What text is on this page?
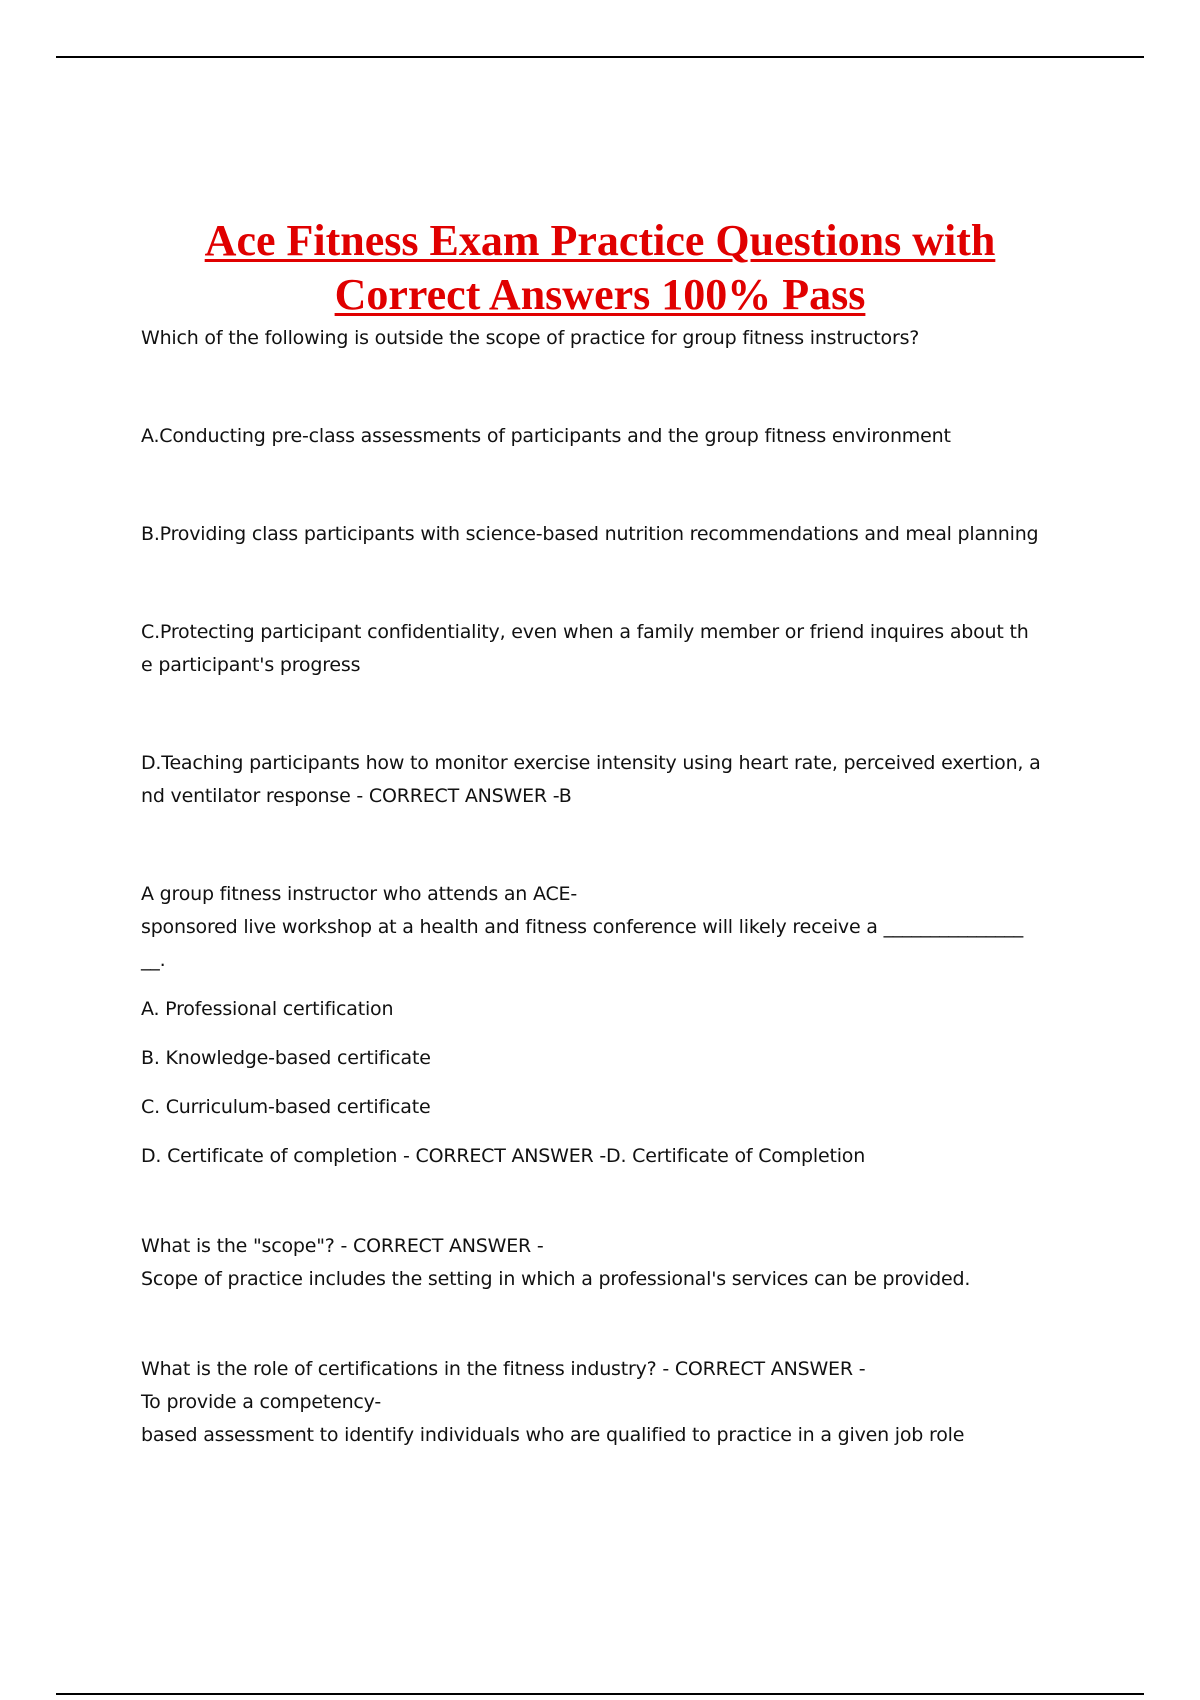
Ace Fitness Exam Practice Questions with
Correct Answers 100% Pass

Which of the following is outside the scope of practice for group fitness instructors?

A.Conducting pre-class assessments of participants and the group fitness environment

B.Providing class participants with science-based nutrition recommendations and meal planning

C.Protecting participant confidentiality, even when a family member or friend inquires about th

e participant's progress

D.Teaching participants how to monitor exercise intensity using heart rate, perceived exertion, a

nd ventilator response - CORRECT ANSWER -B

A group fitness instructor who attends an ACE-

sponsored live workshop at a health and fitness conference will likely receive a _______________

__.

A. Professional certification

B. Knowledge-based certificate

C. Curriculum-based certificate

D. Certificate of completion - CORRECT ANSWER -D. Certificate of Completion

What is the "scope"? - CORRECT ANSWER -

Scope of practice includes the setting in which a professional's services can be provided.

What is the role of certifications in the fitness industry? - CORRECT ANSWER -

To provide a competency-

based assessment to identify individuals who are qualified to practice in a given job role
